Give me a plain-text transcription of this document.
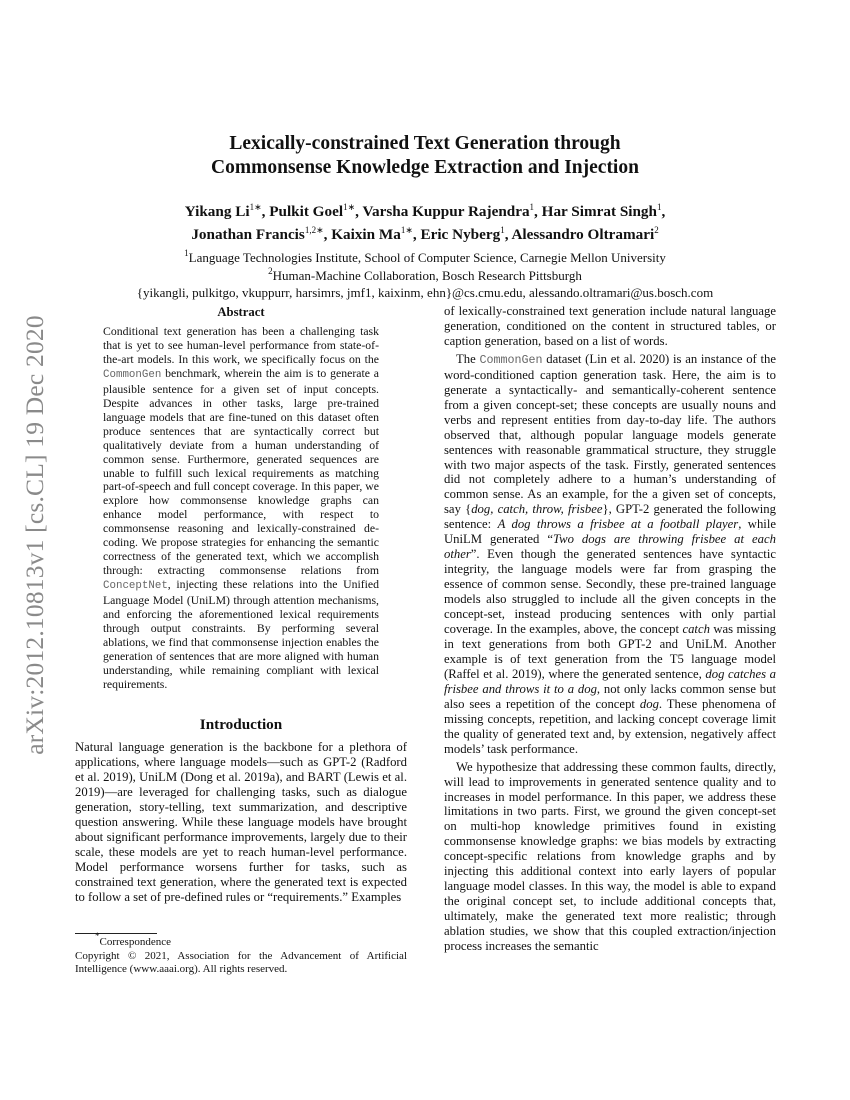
arXiv:2012.10813v1 [cs.CL] 19 Dec 2020
Lexically-constrained Text Generation through
Commonsense Knowledge Extraction and Injection
Yikang $Li^{1∗}$, Pulkit Goel$^{1∗}$, Varsha Kuppur Rajendra$^1$, Har Simrat Singh$^1$,
Jonathan Francis$^{1,2∗}$, Kaixin $Ma^{1∗}$, Eric Nyberg$^1$, Alessandro Oltramari$^2$
$^1$Language Technologies Institute, School of Computer Science, Carnegie Mellon University
$^2$Human-Machine Collaboration, Bosch Research Pittsburgh
{yikangli, pulkitgo, vkuppurr, harsimrs, jmf1, kaixinm, ehn}@cs.cmu.edu, alessando.oltramari@us.bosch.com
Abstract

Conditional text generation has been a challenging task that is yet to see human-level performance from state-of-the-art models. In this work, we specifically focus on the CommonGen benchmark, wherein the aim is to generate a plausible sentence for a given set of input concepts. Despite advances in other tasks, large pre-trained language models that are fine-tuned on this dataset often produce sentences that are syntactically correct but qualitatively deviate from a human understanding of common sense. Furthermore, generated sequences are unable to fulfill such lexical requirements as matching part-of-speech and full concept coverage. In this paper, we explore how commonsense knowledge graphs can enhance model performance, with respect to commonsense reasoning and lexically-constrained decoding. We propose strategies for enhancing the semantic correctness of the generated text, which we accomplish through: extracting commonsense relations from ConceptNet, injecting these relations into the Unified Language Model (UniLM) through attention mechanisms, and enforcing the aforementioned lexical requirements through output constraints. By performing several ablations, we find that commonsense injection enables the generation of sentences that are more aligned with human understanding, while remaining compliant with lexical requirements.

Introduction

Natural language generation is the backbone for a plethora of applications, where language models—such as GPT-2 (Radford et al. 2019), UniLM (Dong et al. 2019a), and BART (Lewis et al. 2019)—are leveraged for challenging tasks, such as dialogue generation, story-telling, text summarization, and descriptive question answering. While these language models have brought about significant performance improvements, largely due to their scale, these models are yet to reach human-level performance. Model performance worsens further for tasks, such as constrained text generation, where the generated text is expected to follow a set of pre-defined rules or “requirements.” Examples

of lexically-constrained text generation include natural language generation, conditioned on the content in structured tables, or caption generation, based on a list of words.

The CommonGen dataset (Lin et al. 2020) is an instance of the word-conditioned caption generation task. Here, the aim is to generate a syntactically- and semantically-coherent sentence from a given concept-set; these concepts are usually nouns and verbs and represent entities from day-to-day life. The authors observed that, although popular language models generate sentences with reasonable grammatical structure, they struggle with two major aspects of the task. Firstly, generated sentences did not completely adhere to a human’s understanding of common sense. As an example, for the a given set of concepts, say {dog, catch, throw, frisbee}, GPT-2 generated the following sentence: A dog throws a frisbee at a football player, while UniLM generated “Two dogs are throwing frisbee at each other”. Even though the generated sentences have syntactic integrity, the language models were far from grasping the essence of common sense. Secondly, these pre-trained language models also struggled to include all the given concepts in the concept-set, instead producing sentences with only partial coverage. In the examples, above, the concept catch was missing in text generations from both GPT-2 and UniLM. Another example is of text generation from the T5 language model (Raffel et al. 2019), where the generated sentence, dog catches a frisbee and throws it to a dog, not only lacks common sense but also sees a repetition of the concept dog. These phenomena of missing concepts, repetition, and lacking concept coverage limit the quality of generated text and, by extension, negatively affect models’ task performance.

We hypothesize that addressing these common faults, directly, will lead to improvements in generated sentence quality and to increases in model performance. In this paper, we address these limitations in two parts. First, we ground the given concept-set on multi-hop knowledge primitives found in existing commonsense knowledge graphs: we bias models by extracting concept-specific relations from knowledge graphs and by injecting this additional context into early layers of popular language model classes. In this way, the model is able to expand the original concept set, to include additional concepts that, ultimately, make the generated text more realistic; through ablation studies, we show that this coupled extraction/injection process increases the semantic

*Correspondence
Copyright © 2021, Association for the Advancement of Artificial Intelligence (www.aaai.org). All rights reserved.
